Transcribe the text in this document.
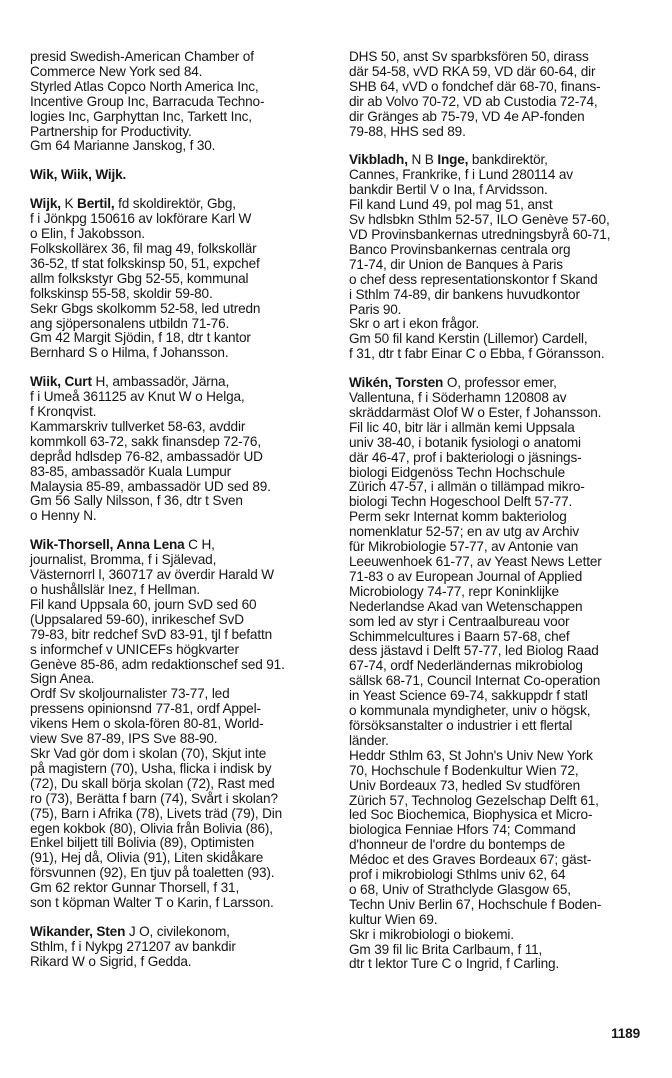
presid Swedish-American Chamber of
Commerce New York sed 84.
Styrled Atlas Copco North America Inc,
Incentive Group Inc, Barracuda Techno-
logies Inc, Garphyttan Inc, Tarkett Inc,
Partnership for Productivity.
Gm 64 Marianne Janskog, f 30.
Wik, Wiik, Wijk.
Wijk, K Bertil, fd skoldirektör, Gbg,
f i Jönkpg 150616 av lokförare Karl W
o Elin, f Jakobsson.
Folkskollärex 36, fil mag 49, folkskollär
36-52, tf stat folkskinsp 50, 51, expchef
allm folkskstyr Gbg 52-55, kommunal
folkskinsp 55-58, skoldir 59-80.
Sekr Gbgs skolkomm 52-58, led utredn
ang sjöpersonalens utbildn 71-76.
Gm 42 Margit Sjödin, f 18, dtr t kantor
Bernhard S o Hilma, f Johansson.
Wiik, Curt H, ambassadör, Järna,
f i Umeå 361125 av Knut W o Helga,
f Kronqvist.
Kammarskriv tullverket 58-63, avddir
kommkoll 63-72, sakk finansdep 72-76,
depråd hdlsdep 76-82, ambassadör UD
83-85, ambassadör Kuala Lumpur
Malaysia 85-89, ambassadör UD sed 89.
Gm 56 Sally Nilsson, f 36, dtr t Sven
o Henny N.
Wik-Thorsell, Anna Lena C H,
journalist, Bromma, f i Själevad,
Västernorrl l, 360717 av överdir Harald W
o hushållslär Inez, f Hellman.
Fil kand Uppsala 60, journ SvD sed 60
(Uppsalared 59-60), inrikeschef SvD
79-83, bitr redchef SvD 83-91, tjl f befattn
s informchef v UNICEFs högkvarter
Genève 85-86, adm redaktionschef sed 91.
Sign Anea.
Ordf Sv skoljournalister 73-77, led
pressens opinionsnd 77-81, ordf Appel-
vikens Hem o skola-fören 80-81, World-
view Sve 87-89, IPS Sve 88-90.
Skr Vad gör dom i skolan (70), Skjut inte
på magistern (70), Usha, flicka i indisk by
(72), Du skall börja skolan (72), Rast med
ro (73), Berätta f barn (74), Svårt i skolan?
(75), Barn i Afrika (78), Livets träd (79), Din
egen kokbok (80), Olivia från Bolivia (86),
Enkel biljett till Bolivia (89), Optimisten
(91), Hej då, Olivia (91), Liten skidåkare
försvunnen (92), En tjuv på toaletten (93).
Gm 62 rektor Gunnar Thorsell, f 31,
son t köpman Walter T o Karin, f Larsson.
Wikander, Sten J O, civilekonom,
Sthlm, f i Nykpg 271207 av bankdir
Rikard W o Sigrid, f Gedda.
DHS 50, anst Sv sparbksfören 50, dirass
där 54-58, vVD RKA 59, VD där 60-64, dir
SHB 64, vVD o fondchef där 68-70, finans-
dir ab Volvo 70-72, VD ab Custodia 72-74,
dir Gränges ab 75-79, VD 4e AP-fonden
79-88, HHS sed 89.
Vikbladh, N B Inge, bankdirektör,
Cannes, Frankrike, f i Lund 280114 av
bankdir Bertil V o Ina, f Arvidsson.
Fil kand Lund 49, pol mag 51, anst
Sv hdlsbkn Sthlm 52-57, ILO Genève 57-60,
VD Provinsbankernas utredningsbyrå 60-71,
Banco Provinsbankernas centrala org
71-74, dir Union de Banques à Paris
o chef dess representationskontor f Skand
i Sthlm 74-89, dir bankens huvudkontor
Paris 90.
Skr o art i ekon frågor.
Gm 50 fil kand Kerstin (Lillemor) Cardell,
f 31, dtr t fabr Einar C o Ebba, f Göransson.
Wikén, Torsten O, professor emer,
Vallentuna, f i Söderhamn 120808 av
skräddarmäst Olof W o Ester, f Johansson.
Fil lic 40, bitr lär i allmän kemi Uppsala
univ 38-40, i botanik fysiologi o anatomi
där 46-47, prof i bakteriologi o jäsnings-
biologi Eidgenöss Techn Hochschule
Zürich 47-57, i allmän o tillämpad mikro-
biologi Techn Hogeschool Delft 57-77.
Perm sekr Internat komm bakteriolog
nomenklatur 52-57; en av utg av Archiv
für Mikrobiologie 57-77, av Antonie van
Leeuwenhoek 61-77, av Yeast News Letter
71-83 o av European Journal of Applied
Microbiology 74-77, repr Koninklijke
Nederlandse Akad van Wetenschappen
som led av styr i Centraalbureau voor
Schimmelcultures i Baarn 57-68, chef
dess jästavd i Delft 57-77, led Biolog Raad
67-74, ordf Nederländernas mikrobiolog
sällsk 68-71, Council Internat Co-operation
in Yeast Science 69-74, sakkuppdr f statl
o kommunala myndigheter, univ o högsk,
försöksanstalter o industrier i ett flertal
länder.
Heddr Sthlm 63, St John's Univ New York
70, Hochschule f Bodenkultur Wien 72,
Univ Bordeaux 73, hedled Sv studfören
Zürich 57, Technolog Gezelschap Delft 61,
led Soc Biochemica, Biophysica et Micro-
biologica Fenniae Hfors 74; Command
d'honneur de l'ordre du bontemps de
Médoc et des Graves Bordeaux 67; gäst-
prof i mikrobiologi Sthlms univ 62, 64
o 68, Univ of Strathclyde Glasgow 65,
Techn Univ Berlin 67, Hochschule f Boden-
kultur Wien 69.
Skr i mikrobiologi o biokemi.
Gm 39 fil lic Brita Carlbaum, f 11,
dtr t lektor Ture C o Ingrid, f Carling.
1189
